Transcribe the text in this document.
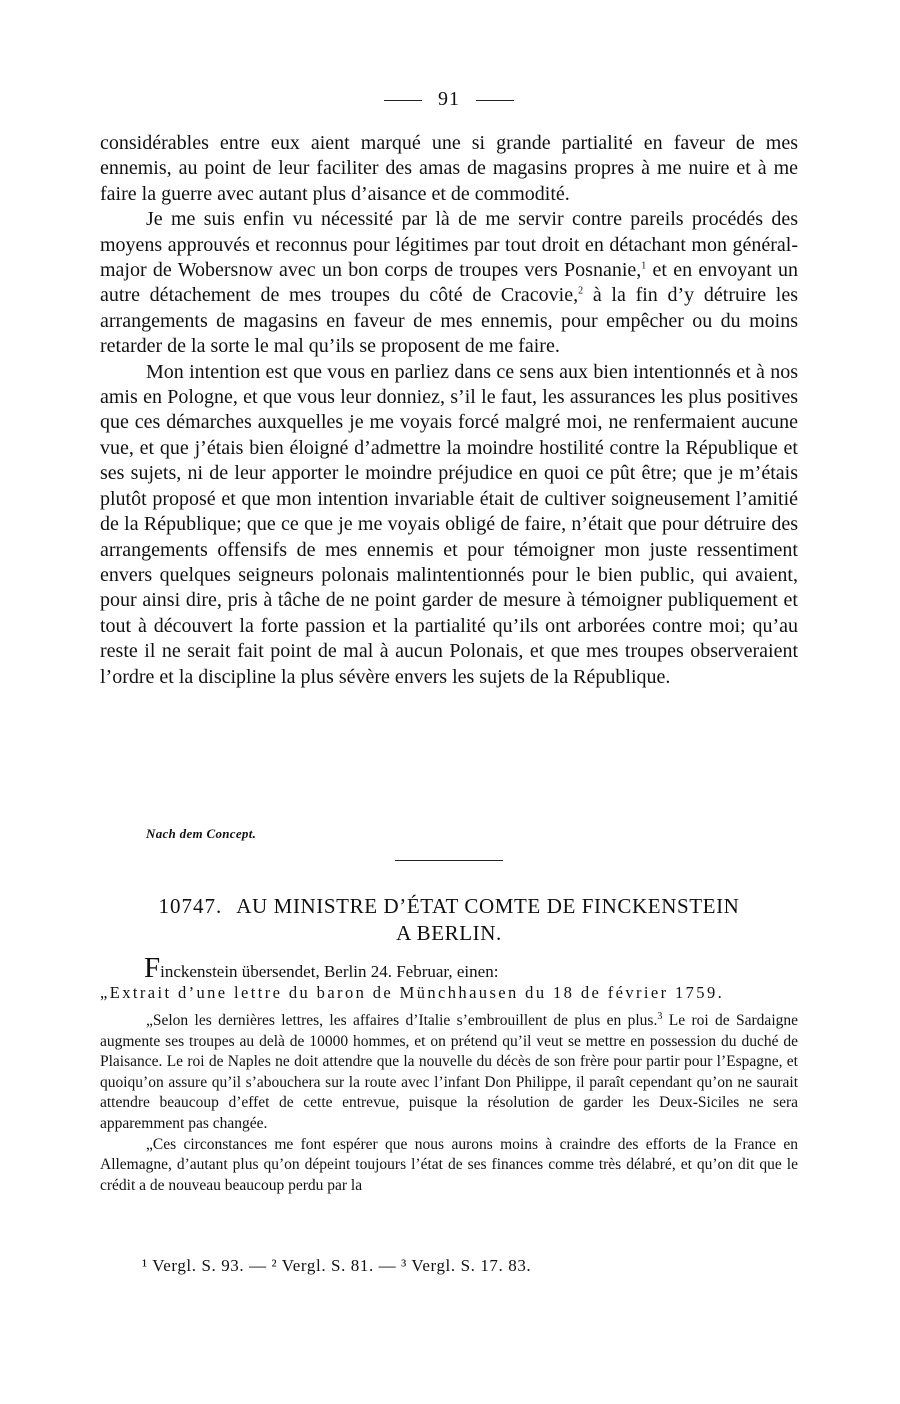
91

considérables entre eux aient marqué une si grande partialité en faveur de mes ennemis, au point de leur faciliter des amas de magasins propres à me nuire et à me faire la guerre avec autant plus d’aisance et de commodité.

Je me suis enfin vu nécessité par là de me servir contre pareils procédés des moyens approuvés et reconnus pour légitimes par tout droit en détachant mon général-major de Wobersnow avec un bon corps de troupes vers Posnanie,$^1$ et en envoyant un autre détachement de mes troupes du côté de Cracovie,$^2$ à la fin d’y détruire les arrangements de magasins en faveur de mes ennemis, pour empêcher ou du moins retarder de la sorte le mal qu’ils se proposent de me faire.

Mon intention est que vous en parliez dans ce sens aux bien intentionnés et à nos amis en Pologne, et que vous leur donniez, s’il le faut, les assurances les plus positives que ces démarches auxquelles je me voyais forcé malgré moi, ne renfermaient aucune vue, et que j’étais bien éloigné d’admettre la moindre hostilité contre la République et ses sujets, ni de leur apporter le moindre préjudice en quoi ce pût être; que je m’étais plutôt proposé et que mon intention invariable était de cultiver soigneusement l’amitié de la République; que ce que je me voyais obligé de faire, n’était que pour détruire des arrangements offensifs de mes ennemis et pour témoigner mon juste ressentiment envers quelques seigneurs polonais malintentionnés pour le bien public, qui avaient, pour ainsi dire, pris à tâche de ne point garder de mesure à témoigner publiquement et tout à découvert la forte passion et la partialité qu’ils ont arborées contre moi; qu’au reste il ne serait fait point de mal à aucun Polonais, et que mes troupes observeraient l’ordre et la discipline la plus sévère envers les sujets de la République.

Nach dem Concept.
10747. AU MINISTRE D’ÉTAT COMTE DE FINCKENSTEIN
A BERLIN.
Finckenstein übersendet, Berlin 24. Februar, einen:
„Extrait d’une lettre du baron de Münchhausen du 18 de février 1759.

„Selon les dernières lettres, les affaires d’Italie s’embrouillent de plus en plus.$^3$ Le roi de Sardaigne augmente ses troupes au delà de 10000 hommes, et on prétend qu’il veut se mettre en possession du duché de Plaisance. Le roi de Naples ne doit attendre que la nouvelle du décès de son frère pour partir pour l’Espagne, et quoiqu’on assure qu’il s’abouchera sur la route avec l’infant Don Philippe, il paraît cependant qu’on ne saurait attendre beaucoup d’effet de cette entrevue, puisque la résolution de garder les Deux-Siciles ne sera apparemment pas changée.

„Ces circonstances me font espérer que nous aurons moins à craindre des efforts de la France en Allemagne, d’autant plus qu’on dépeint toujours l’état de ses finances comme très délabré, et qu’on dit que le crédit a de nouveau beaucoup perdu par la

¹ Vergl. S. 93. — ² Vergl. S. 81. — ³ Vergl. S. 17. 83.
